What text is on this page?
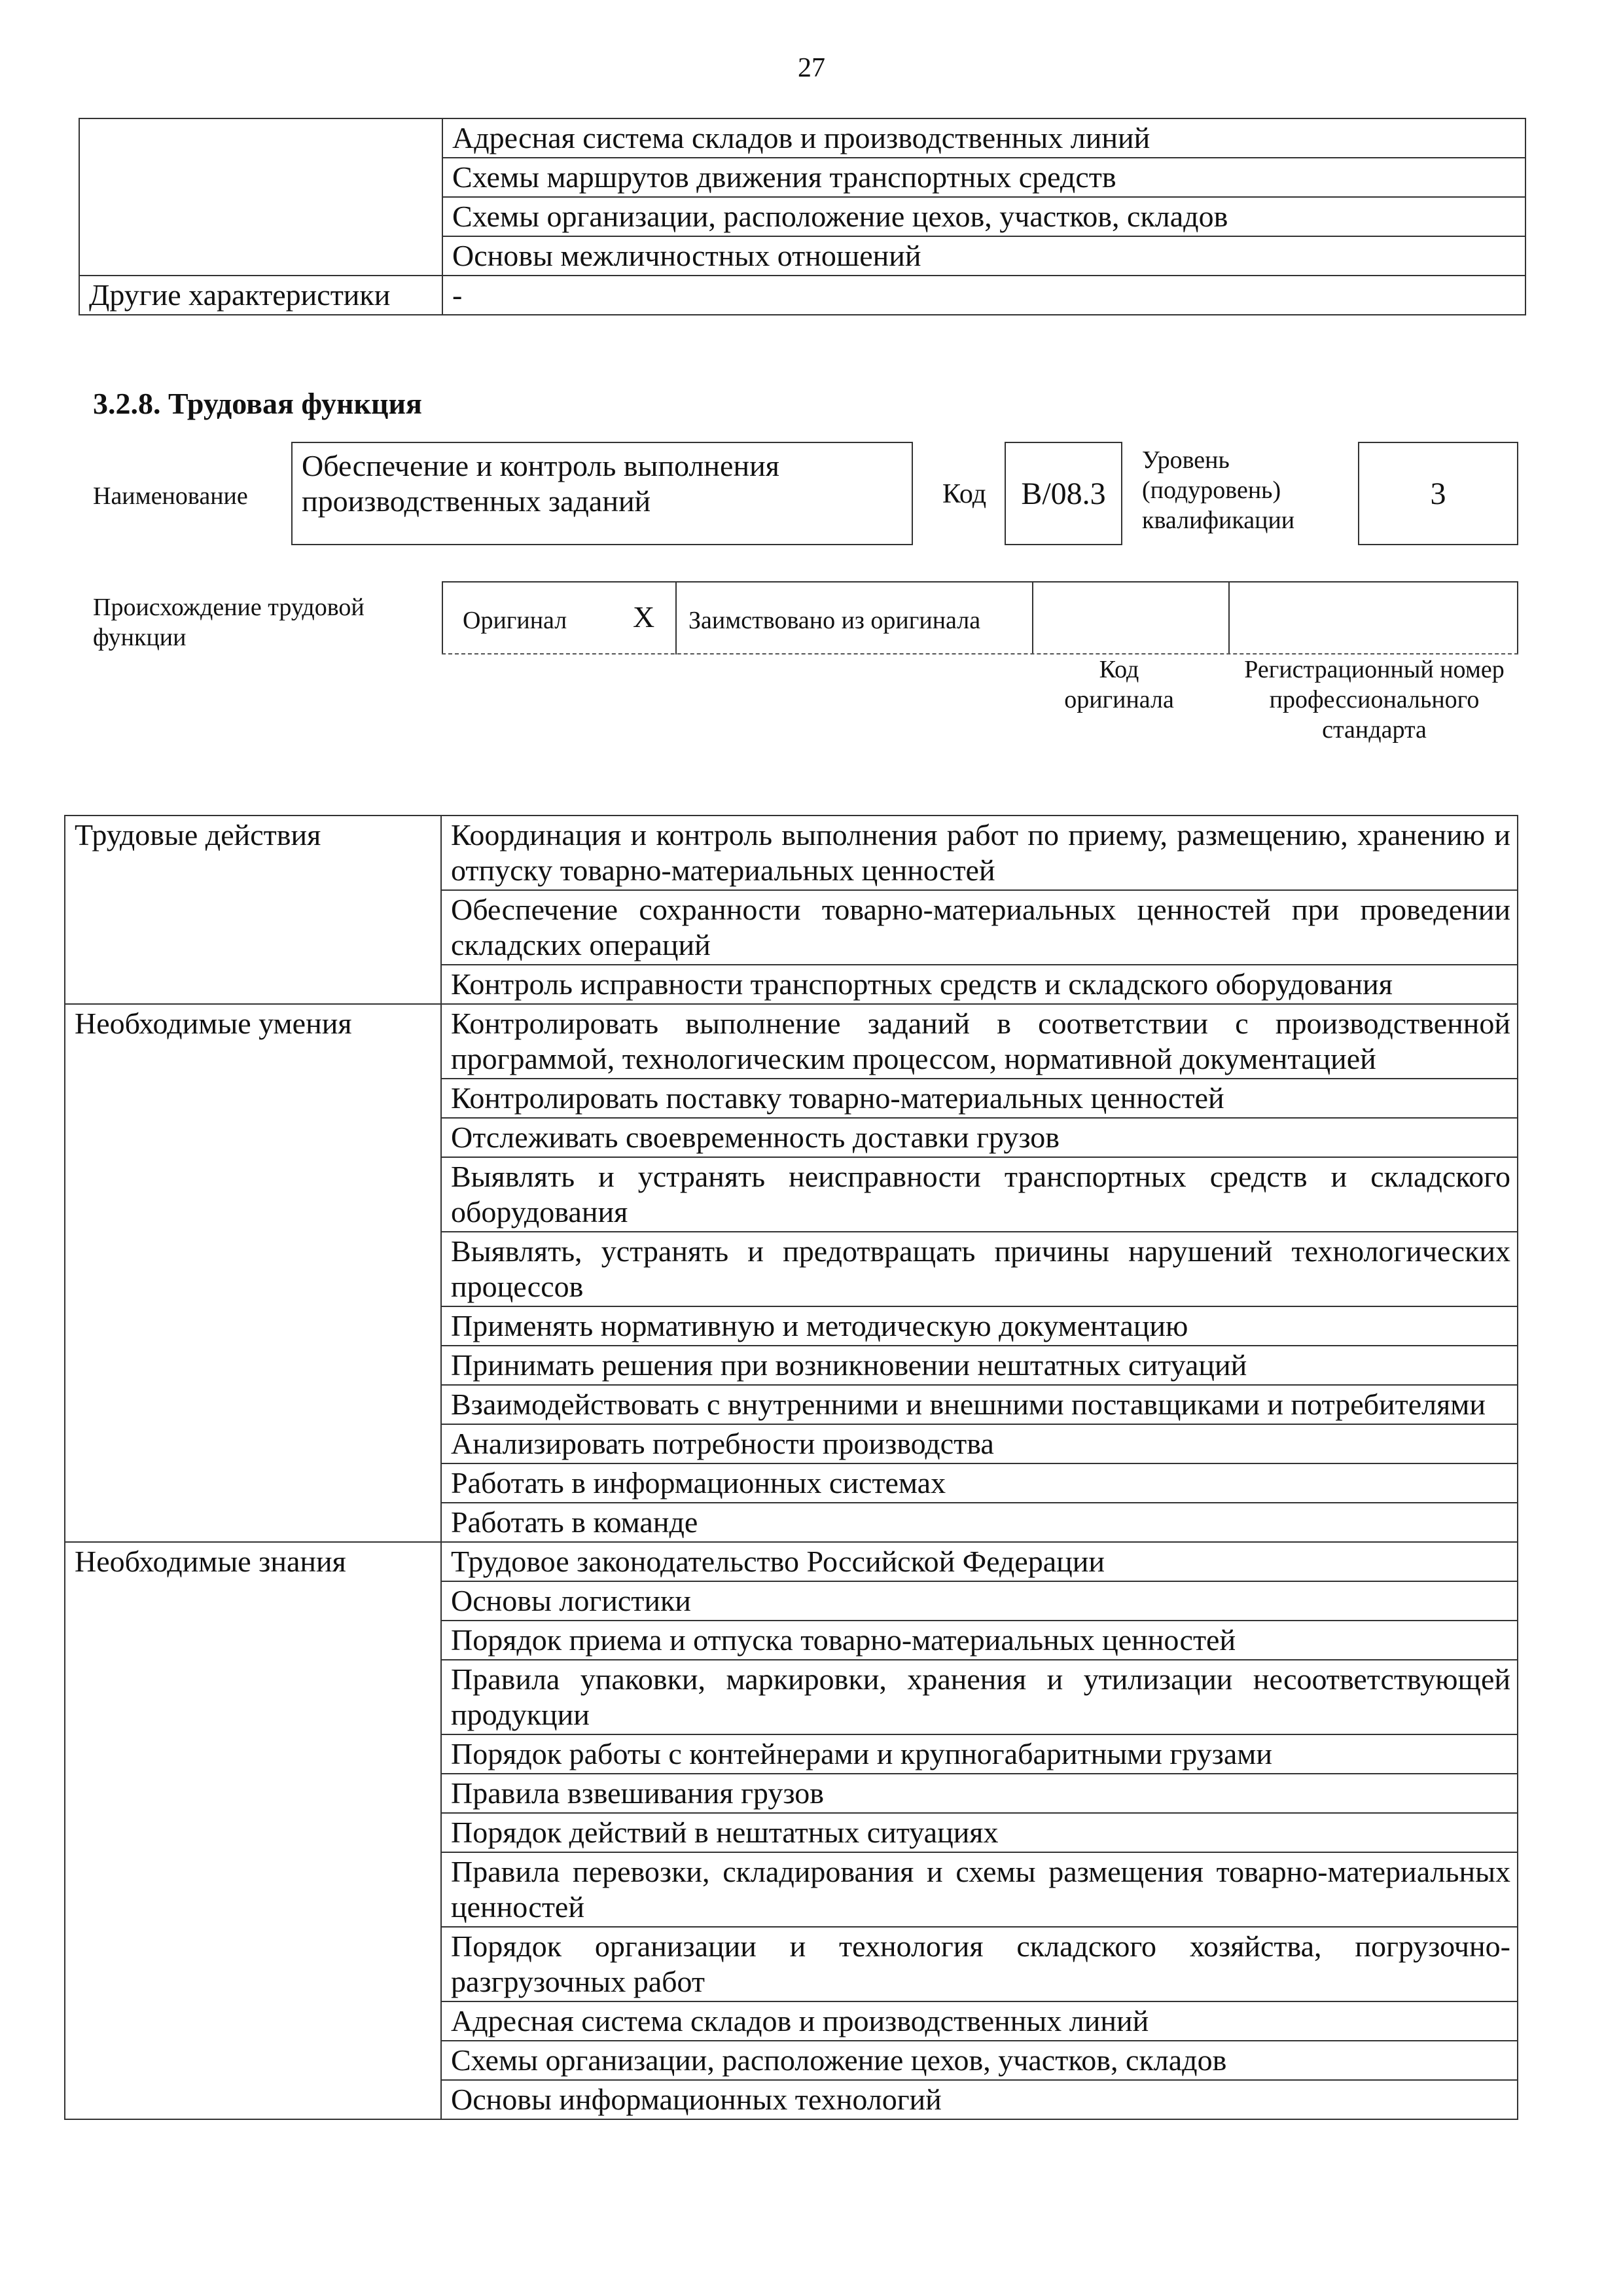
27
	Адресная система складов и производственных линий
	Схемы маршрутов движения транспортных средств
	Схемы организации, расположение цехов, участков, складов
	Основы межличностных отношений
Другие характеристики	-
3.2.8. Трудовая функция
Наименование
Обеспечение и контроль выполнения производственных заданий	Код B/08.3
Уровень (подуровень) квалификации
3
Происхождение трудовой функции
Оригинал X Заимствовано из оригинала
Код оригинала
Регистрационный номер профессионального стандарта
Трудовые действия	Координация и контроль выполнения работ по приему, размещению, хранению и отпуску товарно-материальных ценностей
	Обеспечение сохранности товарно-материальных ценностей при проведении складских операций
	Контроль исправности транспортных средств и складского оборудования
Необходимые умения	Контролировать выполнение заданий в соответствии с производственной программой, технологическим процессом, нормативной документацией
	Контролировать поставку товарно-материальных ценностей
	Отслеживать своевременность доставки грузов
	Выявлять и устранять неисправности транспортных средств и складского оборудования
	Выявлять, устранять и предотвращать причины нарушений технологических процессов
	Применять нормативную и методическую документацию
	Принимать решения при возникновении нештатных ситуаций
	Взаимодействовать с внутренними и внешними поставщиками и потребителями
	Анализировать потребности производства
	Работать в информационных системах
	Работать в команде
Необходимые знания	Трудовое законодательство Российской Федерации
	Основы логистики
	Порядок приема и отпуска товарно-материальных ценностей
	Правила упаковки, маркировки, хранения и утилизации несоответствующей продукции
	Порядок работы с контейнерами и крупногабаритными грузами
	Правила взвешивания грузов
	Порядок действий в нештатных ситуациях
	Правила перевозки, складирования и схемы размещения товарно-материальных ценностей
	Порядок организации и технология складского хозяйства, погрузочно-разгрузочных работ
	Адресная система складов и производственных линий
	Схемы организации, расположение цехов, участков, складов
	Основы информационных технологий
